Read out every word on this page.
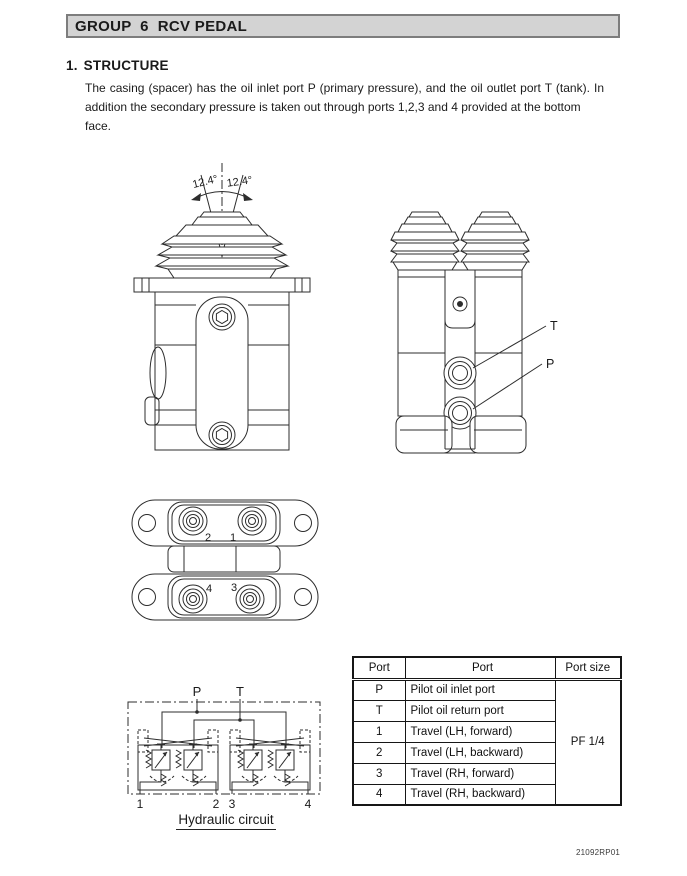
GROUP  6  RCV PEDAL
1. STRUCTURE
The casing (spacer) has the oil inlet port P (primary pressure), and the oil outlet port T (tank). In
addition the secondary pressure is taken out through ports 1,2,3 and 4 provided at the bottom face.
12.4° 12.4°
T
P
2 1
4 3
P	T
1	2 3	4
Hydraulic circuit
Port	Port	Port size
P	Pilot oil inlet port	PF 1/4
T	Pilot oil return port	
1	Travel (LH, forward)	
2	Travel (LH, backward)	
3	Travel (RH, forward)	
4	Travel (RH, backward)	
21092RP01
